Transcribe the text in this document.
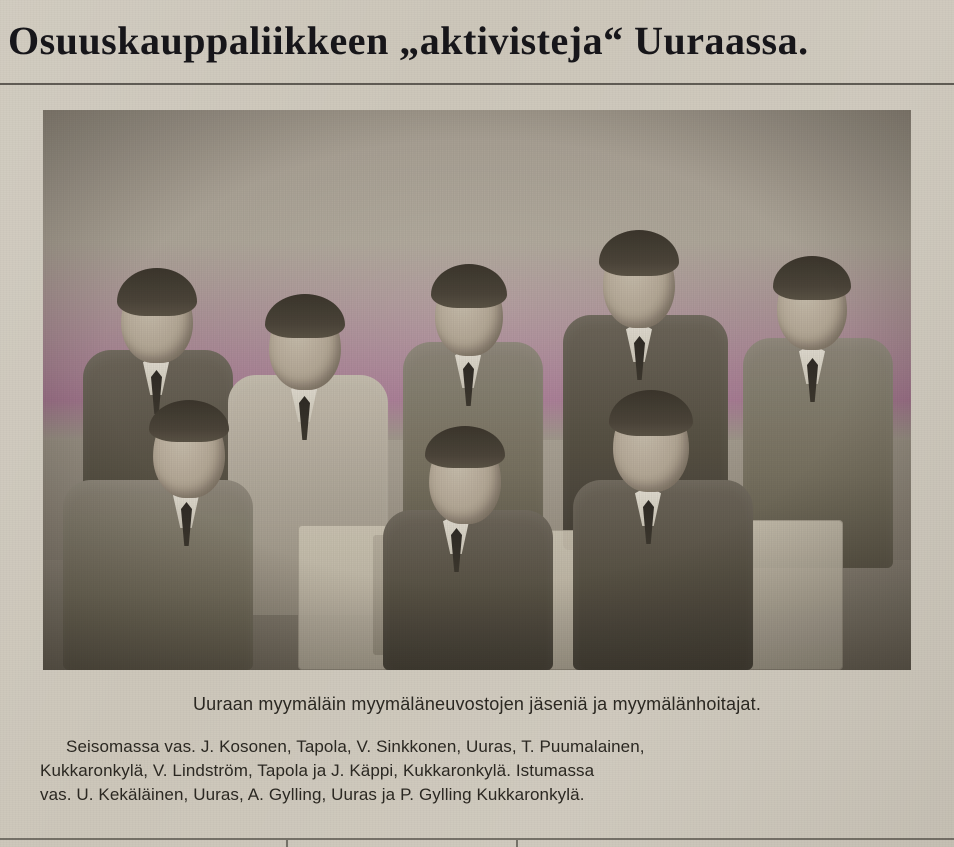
Osuuskauppaliikkeen „aktivisteja“ Uuraassa.
Uuraan myymäläin myymäläneuvostojen jäseniä ja myymälänhoitajat.
Seisomassa vas. J. Kosonen, Tapola, V. Sinkkonen, Uuras, T. Puumalainen,
Kukkaronkylä, V. Lindström, Tapola ja J. Käppi, Kukkaronkylä. Istumassa
vas. U. Kekäläinen, Uuras, A. Gylling, Uuras ja P. Gylling Kukkaronkylä.
